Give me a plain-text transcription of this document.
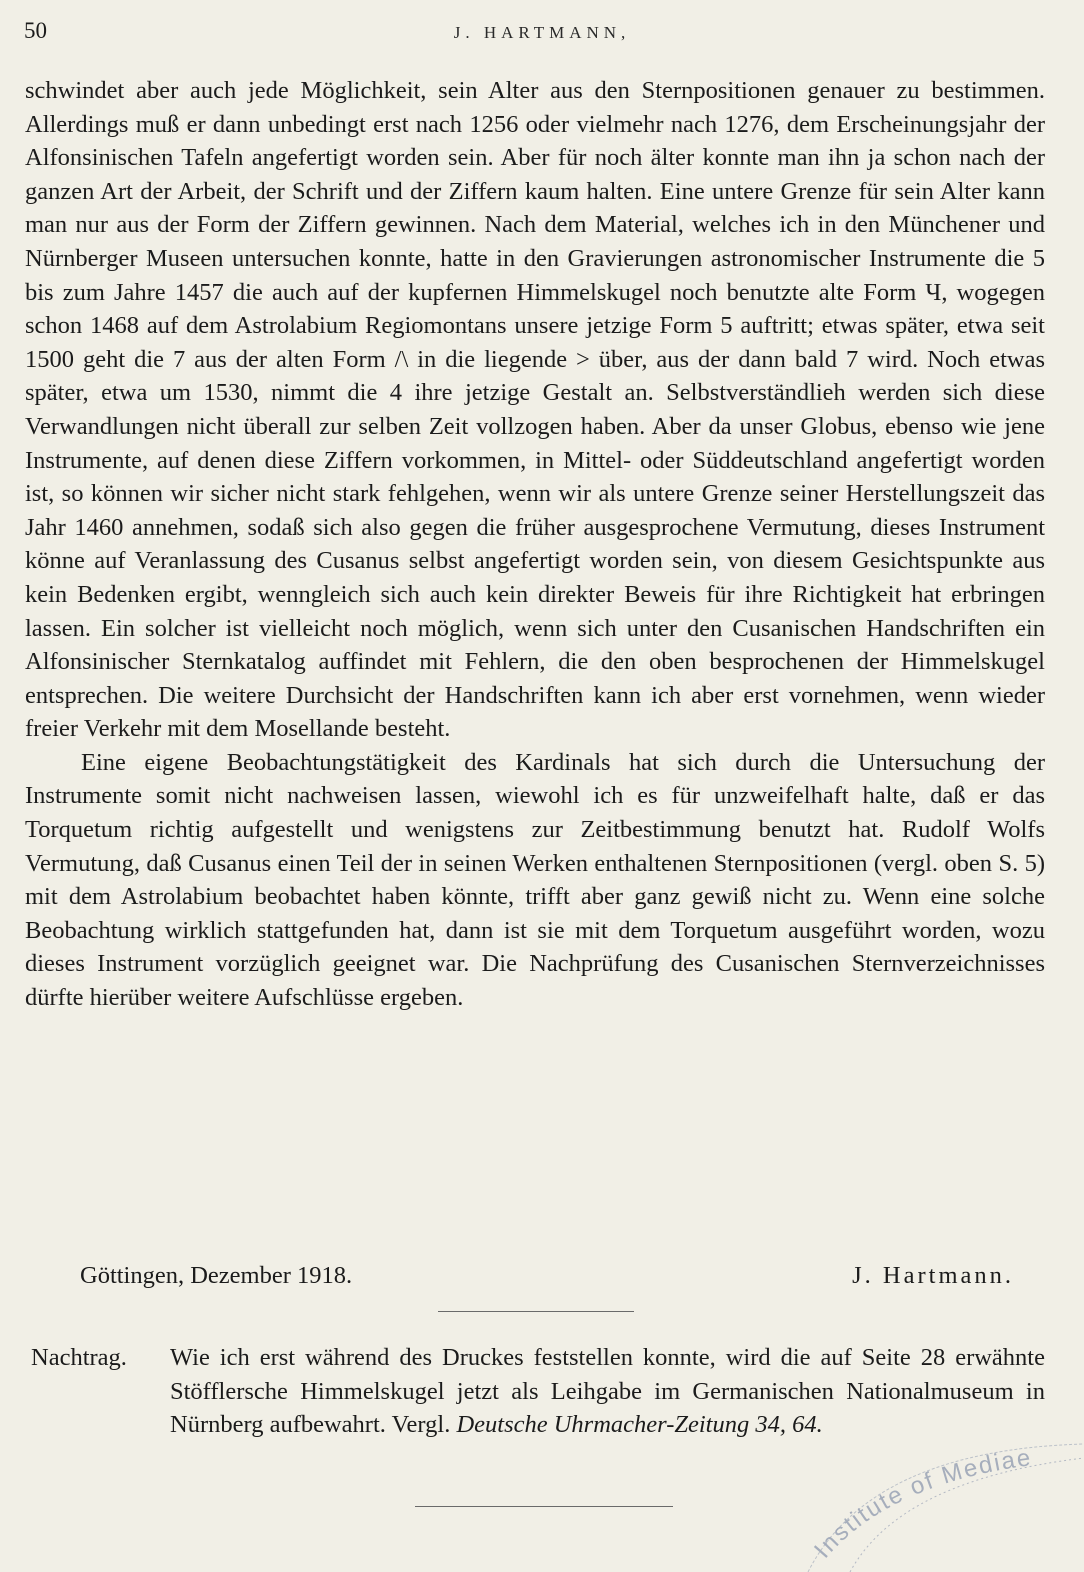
50	J. HARTMANN,

schwindet aber auch jede Möglichkeit, sein Alter aus den Sternpositionen genauer zu bestimmen. Allerdings muß er dann unbedingt erst nach 1256 oder vielmehr nach 1276, dem Erscheinungsjahr der Alfonsinischen Tafeln angefertigt worden sein. Aber für noch älter konnte man ihn ja schon nach der ganzen Art der Arbeit, der Schrift und der Ziffern kaum halten. Eine untere Grenze für sein Alter kann man nur aus der Form der Ziffern gewinnen. Nach dem Material, welches ich in den Münchener und Nürnberger Museen untersuchen konnte, hatte in den Gravierungen astronomischer Instrumente die 5 bis zum Jahre 1457 die auch auf der kupfernen Himmelskugel noch benutzte alte Form Ч, wogegen schon 1468 auf dem Astrolabium Regiomontans unsere jetzige Form 5 auftritt; etwas später, etwa seit 1500 geht die 7 aus der alten Form /\ in die liegende > über, aus der dann bald 7 wird. Noch etwas später, etwa um 1530, nimmt die 4 ihre jetzige Gestalt an. Selbstverständlieh werden sich diese Verwandlungen nicht überall zur selben Zeit vollzogen haben. Aber da unser Globus, ebenso wie jene Instrumente, auf denen diese Ziffern vorkommen, in Mittel- oder Süddeutschland angefertigt worden ist, so können wir sicher nicht stark fehlgehen, wenn wir als untere Grenze seiner Herstellungszeit das Jahr 1460 annehmen, sodaß sich also gegen die früher ausgesprochene Vermutung, dieses Instrument könne auf Veranlassung des Cusanus selbst angefertigt worden sein, von diesem Gesichtspunkte aus kein Bedenken ergibt, wenngleich sich auch kein direkter Beweis für ihre Richtigkeit hat erbringen lassen. Ein solcher ist vielleicht noch möglich, wenn sich unter den Cusanischen Handschriften ein Alfonsinischer Sternkatalog auffindet mit Fehlern, die den oben besprochenen der Himmelskugel entsprechen. Die weitere Durchsicht der Handschriften kann ich aber erst vornehmen, wenn wieder freier Verkehr mit dem Mosellande besteht.

Eine eigene Beobachtungstätigkeit des Kardinals hat sich durch die Untersuchung der Instrumente somit nicht nachweisen lassen, wiewohl ich es für unzweifelhaft halte, daß er das Torquetum richtig aufgestellt und wenigstens zur Zeitbestimmung benutzt hat. Rudolf Wolfs Vermutung, daß Cusanus einen Teil der in seinen Werken enthaltenen Sternpositionen (vergl. oben S. 5) mit dem Astrolabium beobachtet haben könnte, trifft aber ganz gewiß nicht zu. Wenn eine solche Beobachtung wirklich stattgefunden hat, dann ist sie mit dem Torquetum ausgeführt worden, wozu dieses Instrument vorzüglich geeignet war. Die Nachprüfung des Cusanischen Sternverzeichnisses dürfte hierüber weitere Aufschlüsse ergeben.

Göttingen, Dezember 1918.	J. Hartmann.
Nachtrag. Wie ich erst während des Druckes feststellen konnte, wird die auf Seite 28 erwähnte Stöfflersche Himmelskugel jetzt als Leihgabe im Germanischen Nationalmuseum in Nürnberg aufbewahrt. Vergl. Deutsche Uhrmacher-Zeitung 34, 64.
Institute of Mediae
